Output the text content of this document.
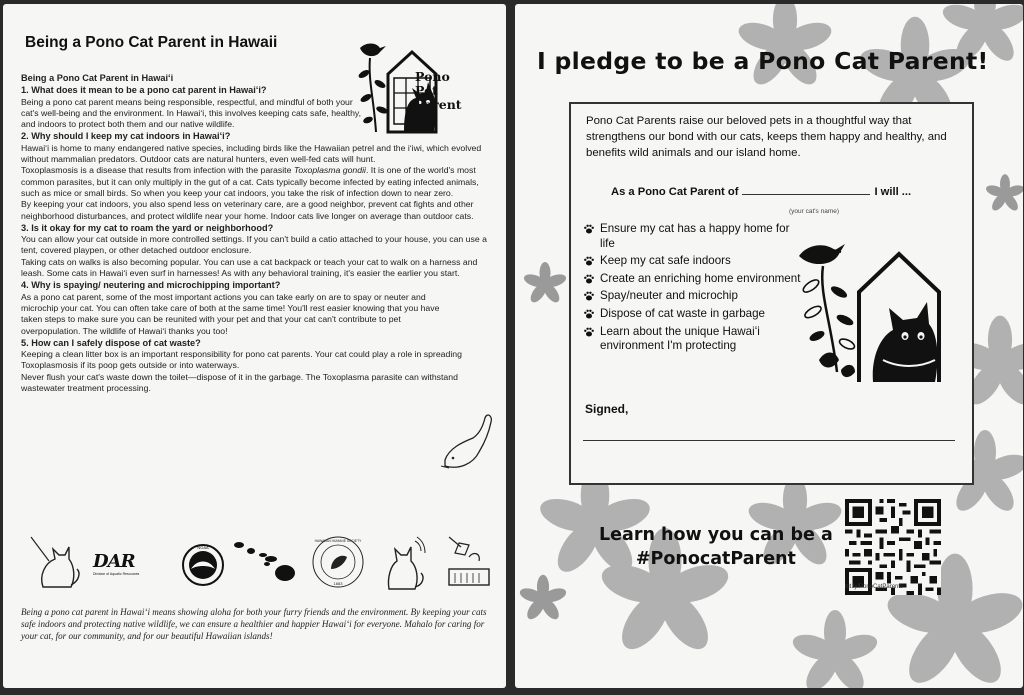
Being a Pono Cat Parent in Hawaii
Pono
Pet
Parent

Being a Pono Cat Parent in Hawaiʻi

1. What does it mean to be a pono cat parent in Hawaiʻi?

Being a pono cat parent means being responsible, respectful, and mindful of both your cat's well-being and the environment. In Hawaiʻi, this involves keeping cats safe, healthy, and indoors to protect both them and our native wildlife.

2. Why should I keep my cat indoors in Hawaiʻi?

Hawaiʻi is home to many endangered native species, including birds like the Hawaiian petrel and the iʻiwi, which evolved without mammalian predators. Outdoor cats are natural hunters, even well-fed cats will hunt.

Toxoplasmosis is a disease that results from infection with the parasite Toxoplasma gondii. It is one of the world's most common parasites, but it can only multiply in the gut of a cat. Cats typically become infected by eating infected animals, such as mice or small birds. So when you keep your cat indoors, you take the risk of infection down to near zero.

By keeping your cat indoors, you also spend less on veterinary care, are a good neighbor, prevent cat fights and other neighborhood disturbances, and protect wildlife near your home. Indoor cats live longer on average than outdoor cats.

3. Is it okay for my cat to roam the yard or neighborhood?

You can allow your cat outside in more controlled settings. If you can't build a catio attached to your house, you can use a tent, covered playpen, or other detached outdoor enclosure.

Taking cats on walks is also becoming popular. You can use a cat backpack or teach your cat to walk on a harness and leash. Some cats in Hawaiʻi even surf in harnesses! As with any behavioral training, it's easier the earlier you start.

4. Why is spaying/ neutering and microchipping important?

As a pono cat parent, some of the most important actions you can take early on are to spay or neuter and microchip your cat. You can often take care of both at the same time! You'll rest easier knowing that you have taken steps to make sure you can be reunited with your pet and that your cat can't contribute to pet overpopulation. The wildlife of Hawaiʻi thanks you too!

5. How can I safely dispose of cat waste?

Keeping a clean litter box is an important responsibility for pono cat parents. Your cat could play a role in spreading Toxoplasmosis if its poop gets outside or into waterways.

Never flush your cat's waste down the toilet—dispose of it in the garbage. The Toxoplasma parasite can withstand wastewater treatment processing.

DAR
Division of Aquatic Resources
NOAA
HAWAIIAN HUMANE SOCIETY
1883
Being a pono cat parent in Hawaiʻi means showing aloha for both your furry friends and the environment. By keeping your cats safe indoors and protecting native wildlife, we can ensure a healthier and happier Hawaiʻi for everyone. Mahalo for caring for your cat, for our community, and for our beautiful Hawaiian islands!
I pledge to be a Pono Cat Parent!
Pono Cat Parents raise our beloved pets in a thoughtful way that strengthens our bond with our cats, keeps them happy and healthy, and benefits wild animals and our island home.
As a Pono Cat Parent of	I will ...
(your cat's name)
Ensure my cat has a happy home for life
Keep my cat safe indoors
Create an enriching home environment
Spay/neuter and microchip
Dispose of cat waste in garbage
Learn about the unique Hawaiʻi environment I'm protecting
Signed,
Learn how you can be a
#PonocatParent
bit.ly/PonoCatParents
